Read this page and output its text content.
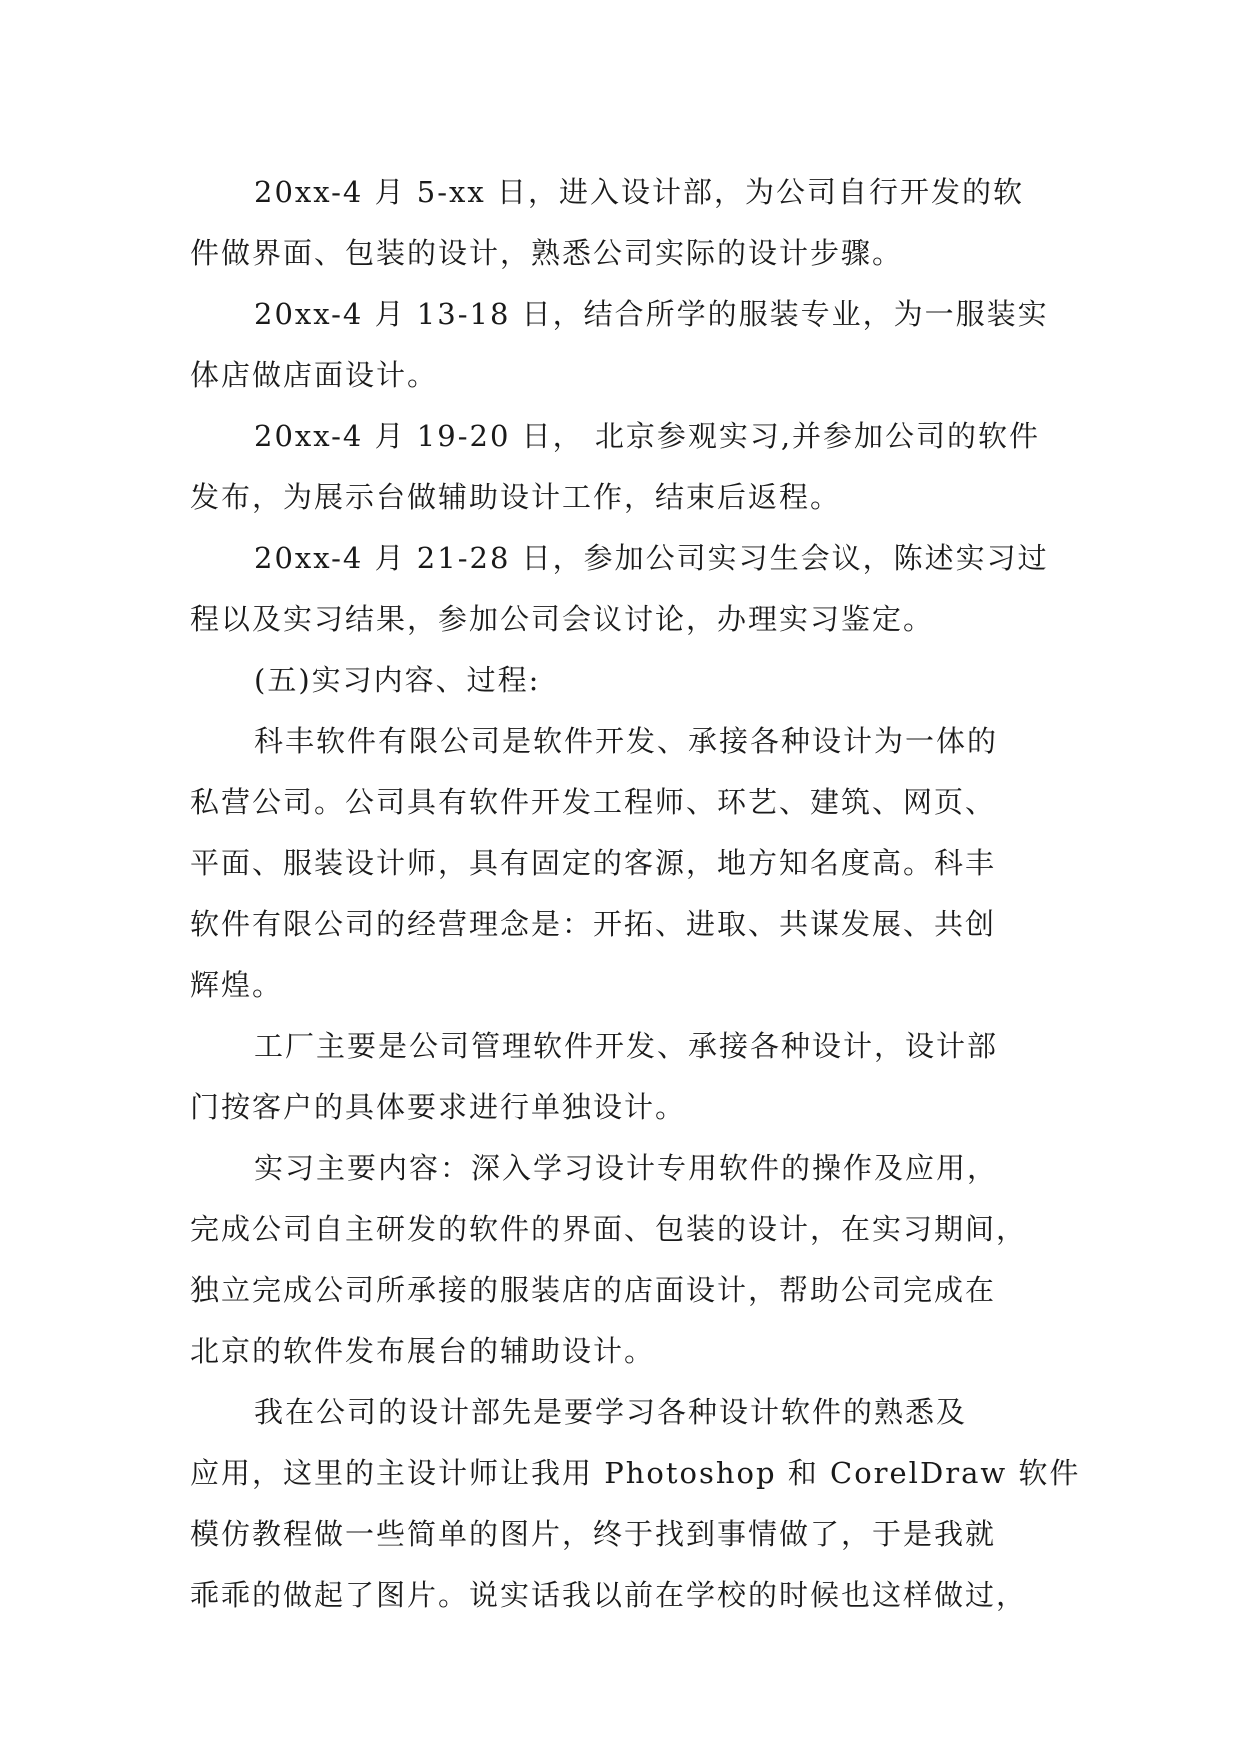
20xx-4 月 5-xx 日，进入设计部，为公司自行开发的软
件做界面、包装的设计，熟悉公司实际的设计步骤。
20xx-4 月 13-18 日，结合所学的服装专业，为一服装实
体店做店面设计。
20xx-4 月 19-20 日， 北京参观实习,并参加公司的软件
发布，为展示台做辅助设计工作，结束后返程。
20xx-4 月 21-28 日，参加公司实习生会议，陈述实习过
程以及实习结果，参加公司会议讨论，办理实习鉴定。
(五)实习内容、过程:
科丰软件有限公司是软件开发、承接各种设计为一体的
私营公司。公司具有软件开发工程师、环艺、建筑、网页、
平面、服装设计师，具有固定的客源，地方知名度高。科丰
软件有限公司的经营理念是：开拓、进取、共谋发展、共创
辉煌。
工厂主要是公司管理软件开发、承接各种设计，设计部
门按客户的具体要求进行单独设计。
实习主要内容：深入学习设计专用软件的操作及应用，
完成公司自主研发的软件的界面、包装的设计，在实习期间，
独立完成公司所承接的服装店的店面设计，帮助公司完成在
北京的软件发布展台的辅助设计。
我在公司的设计部先是要学习各种设计软件的熟悉及
应用，这里的主设计师让我用 Photoshop 和 CorelDraw 软件
模仿教程做一些简单的图片，终于找到事情做了，于是我就
乖乖的做起了图片。说实话我以前在学校的时候也这样做过，
